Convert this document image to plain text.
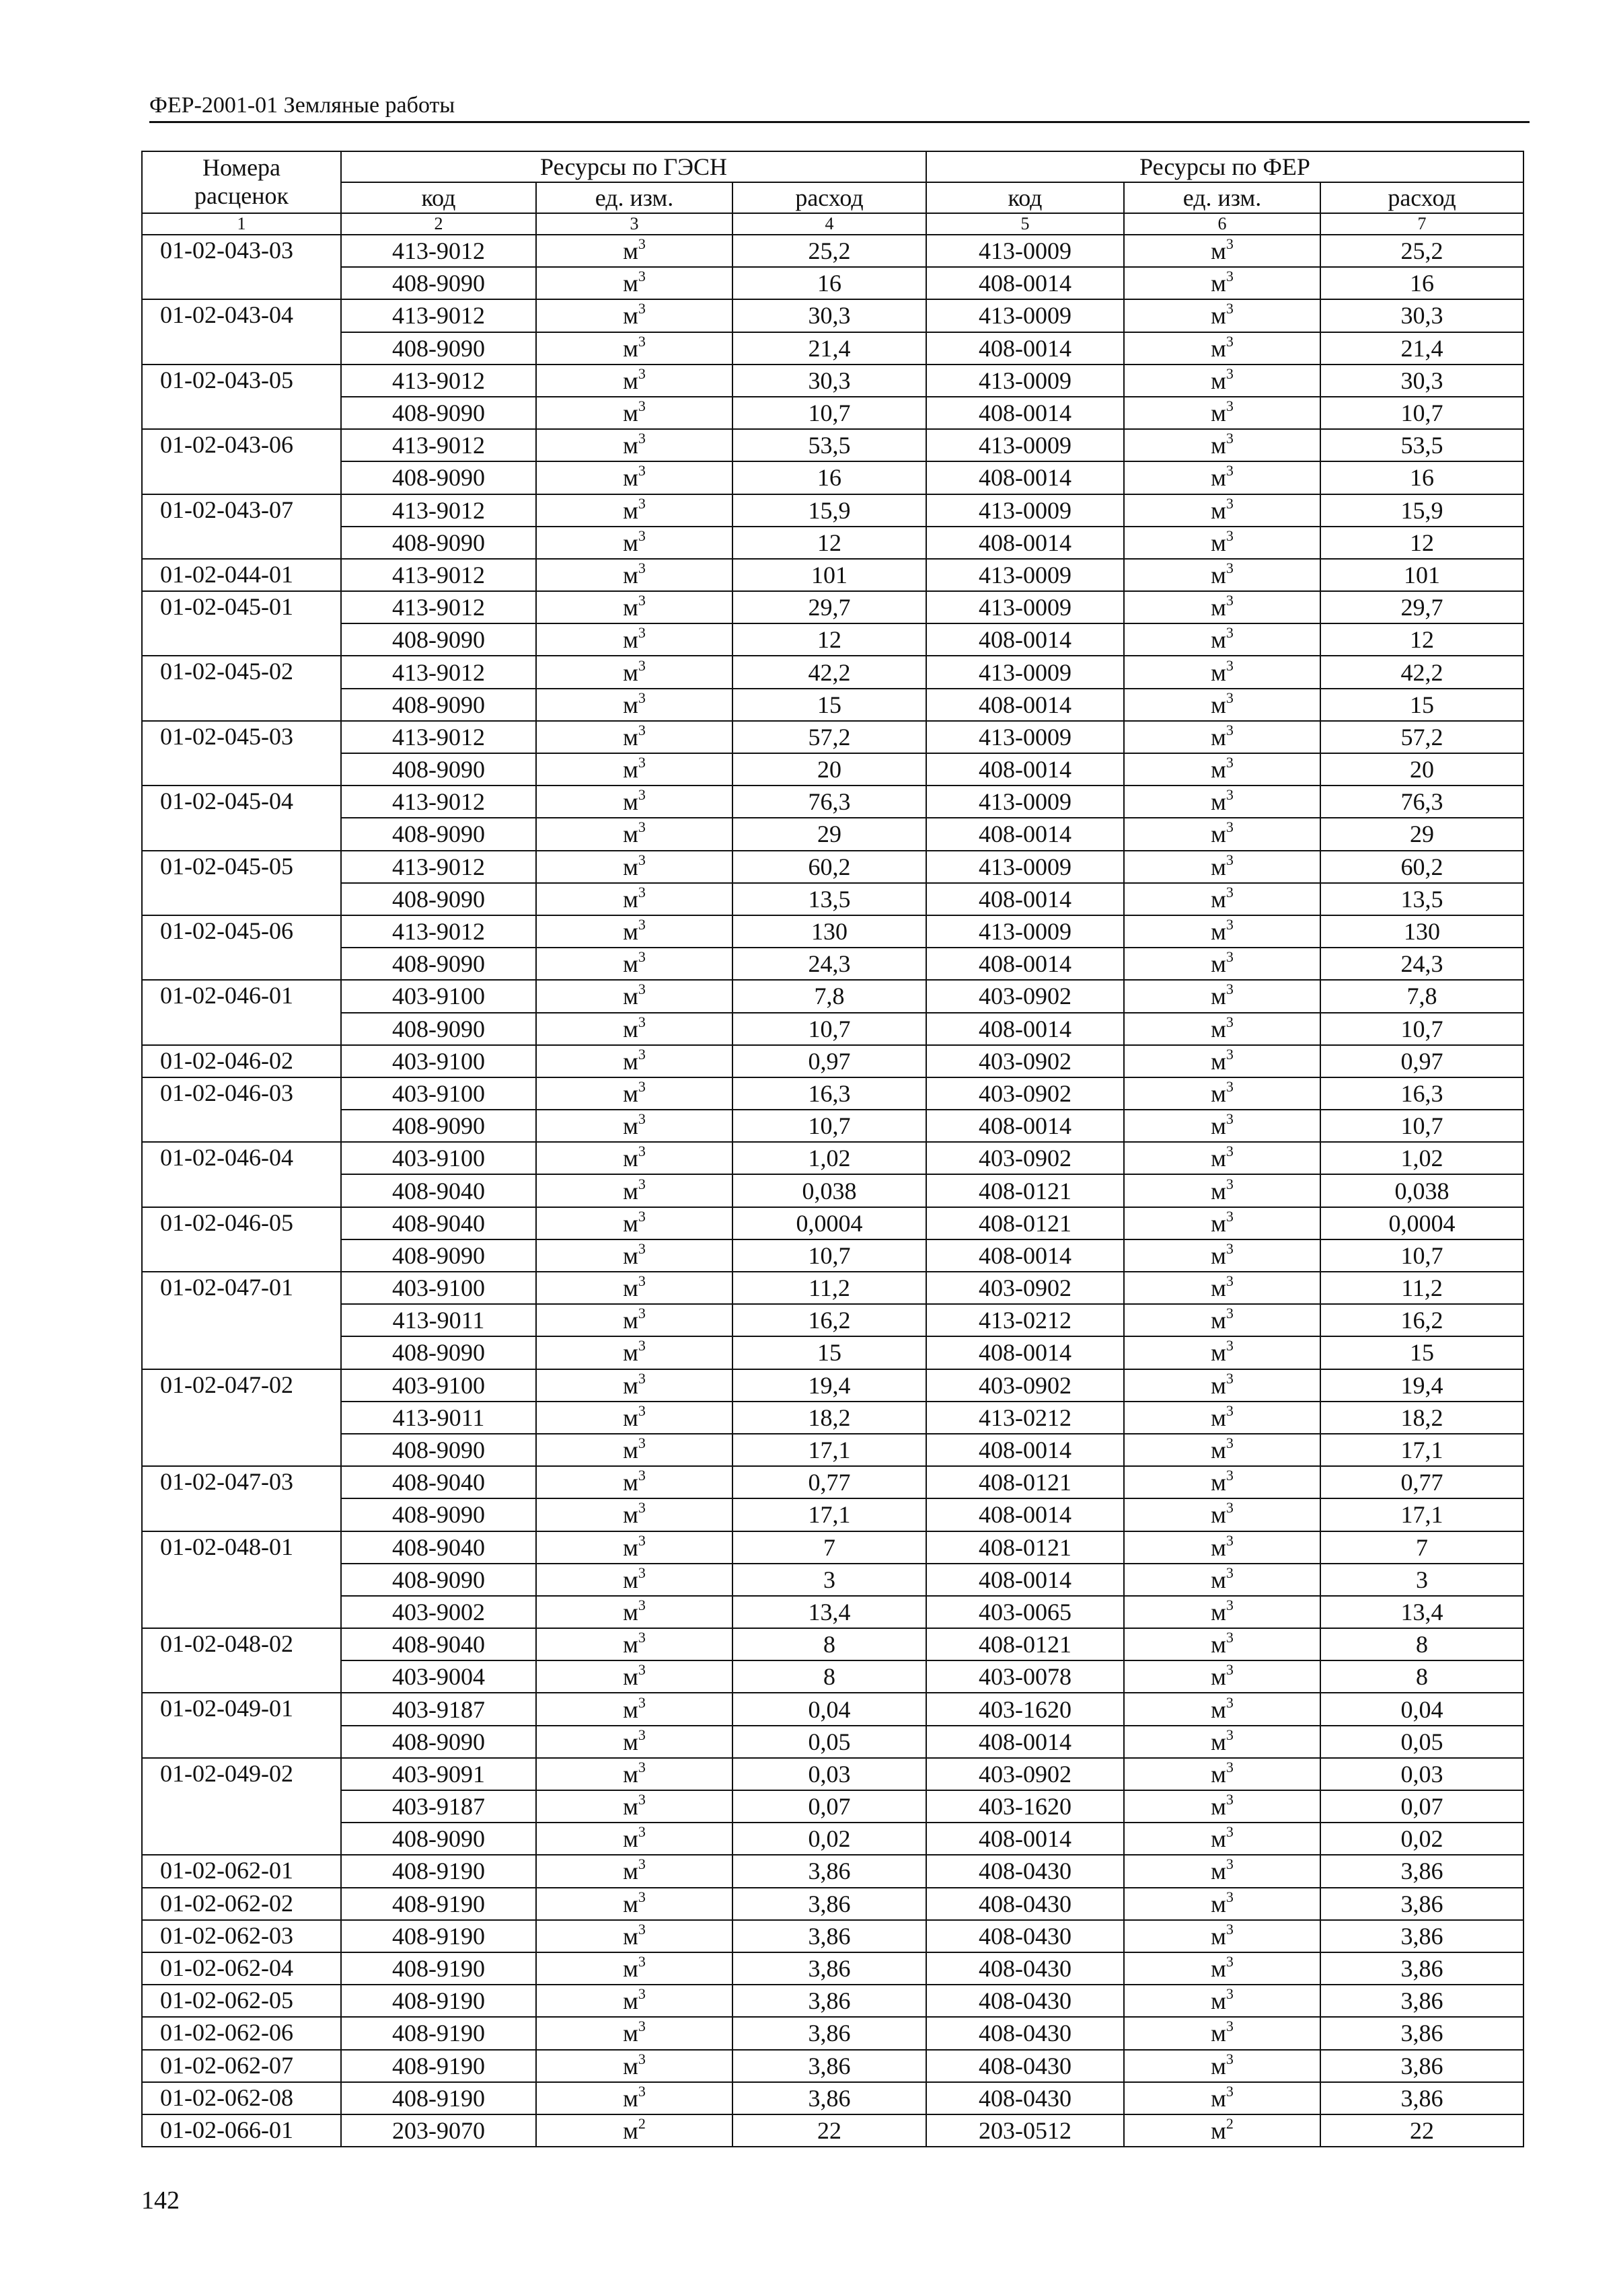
ФЕР-2001-01 Земляные работы
Номера расценок	Ресурсы по ГЭСН			Ресурсы по ФЕР		
	код	ед. изм.	расход	код	ед. изм.	расход
1	2	3	4	5	6	7
01-02-043-03	413-9012	$м^3$	25,2	413-0009	$м^3$	25,2
	408-9090	$м^3$	16	408-0014	$м^3$	16
01-02-043-04	413-9012	$м^3$	30,3	413-0009	$м^3$	30,3
	408-9090	$м^3$	21,4	408-0014	$м^3$	21,4
01-02-043-05	413-9012	$м^3$	30,3	413-0009	$м^3$	30,3
	408-9090	$м^3$	10,7	408-0014	$м^3$	10,7
01-02-043-06	413-9012	$м^3$	53,5	413-0009	$м^3$	53,5
	408-9090	$м^3$	16	408-0014	$м^3$	16
01-02-043-07	413-9012	$м^3$	15,9	413-0009	$м^3$	15,9
	408-9090	$м^3$	12	408-0014	$м^3$	12
01-02-044-01	413-9012	$м^3$	101	413-0009	$м^3$	101
01-02-045-01	413-9012	$м^3$	29,7	413-0009	$м^3$	29,7
	408-9090	$м^3$	12	408-0014	$м^3$	12
01-02-045-02	413-9012	$м^3$	42,2	413-0009	$м^3$	42,2
	408-9090	$м^3$	15	408-0014	$м^3$	15
01-02-045-03	413-9012	$м^3$	57,2	413-0009	$м^3$	57,2
	408-9090	$м^3$	20	408-0014	$м^3$	20
01-02-045-04	413-9012	$м^3$	76,3	413-0009	$м^3$	76,3
	408-9090	$м^3$	29	408-0014	$м^3$	29
01-02-045-05	413-9012	$м^3$	60,2	413-0009	$м^3$	60,2
	408-9090	$м^3$	13,5	408-0014	$м^3$	13,5
01-02-045-06	413-9012	$м^3$	130	413-0009	$м^3$	130
	408-9090	$м^3$	24,3	408-0014	$м^3$	24,3
01-02-046-01	403-9100	$м^3$	7,8	403-0902	$м^3$	7,8
	408-9090	$м^3$	10,7	408-0014	$м^3$	10,7
01-02-046-02	403-9100	$м^3$	0,97	403-0902	$м^3$	0,97
01-02-046-03	403-9100	$м^3$	16,3	403-0902	$м^3$	16,3
	408-9090	$м^3$	10,7	408-0014	$м^3$	10,7
01-02-046-04	403-9100	$м^3$	1,02	403-0902	$м^3$	1,02
	408-9040	$м^3$	0,038	408-0121	$м^3$	0,038
01-02-046-05	408-9040	$м^3$	0,0004	408-0121	$м^3$	0,0004
	408-9090	$м^3$	10,7	408-0014	$м^3$	10,7
01-02-047-01	403-9100	$м^3$	11,2	403-0902	$м^3$	11,2
	413-9011	$м^3$	16,2	413-0212	$м^3$	16,2
	408-9090	$м^3$	15	408-0014	$м^3$	15
01-02-047-02	403-9100	$м^3$	19,4	403-0902	$м^3$	19,4
	413-9011	$м^3$	18,2	413-0212	$м^3$	18,2
	408-9090	$м^3$	17,1	408-0014	$м^3$	17,1
01-02-047-03	408-9040	$м^3$	0,77	408-0121	$м^3$	0,77
	408-9090	$м^3$	17,1	408-0014	$м^3$	17,1
01-02-048-01	408-9040	$м^3$	7	408-0121	$м^3$	7
	408-9090	$м^3$	3	408-0014	$м^3$	3
	403-9002	$м^3$	13,4	403-0065	$м^3$	13,4
01-02-048-02	408-9040	$м^3$	8	408-0121	$м^3$	8
	403-9004	$м^3$	8	403-0078	$м^3$	8
01-02-049-01	403-9187	$м^3$	0,04	403-1620	$м^3$	0,04
	408-9090	$м^3$	0,05	408-0014	$м^3$	0,05
01-02-049-02	403-9091	$м^3$	0,03	403-0902	$м^3$	0,03
	403-9187	$м^3$	0,07	403-1620	$м^3$	0,07
	408-9090	$м^3$	0,02	408-0014	$м^3$	0,02
01-02-062-01	408-9190	$м^3$	3,86	408-0430	$м^3$	3,86
01-02-062-02	408-9190	$м^3$	3,86	408-0430	$м^3$	3,86
01-02-062-03	408-9190	$м^3$	3,86	408-0430	$м^3$	3,86
01-02-062-04	408-9190	$м^3$	3,86	408-0430	$м^3$	3,86
01-02-062-05	408-9190	$м^3$	3,86	408-0430	$м^3$	3,86
01-02-062-06	408-9190	$м^3$	3,86	408-0430	$м^3$	3,86
01-02-062-07	408-9190	$м^3$	3,86	408-0430	$м^3$	3,86
01-02-062-08	408-9190	$м^3$	3,86	408-0430	$м^3$	3,86
01-02-066-01	203-9070	$м^2$	22	203-0512	$м^2$	22
142
